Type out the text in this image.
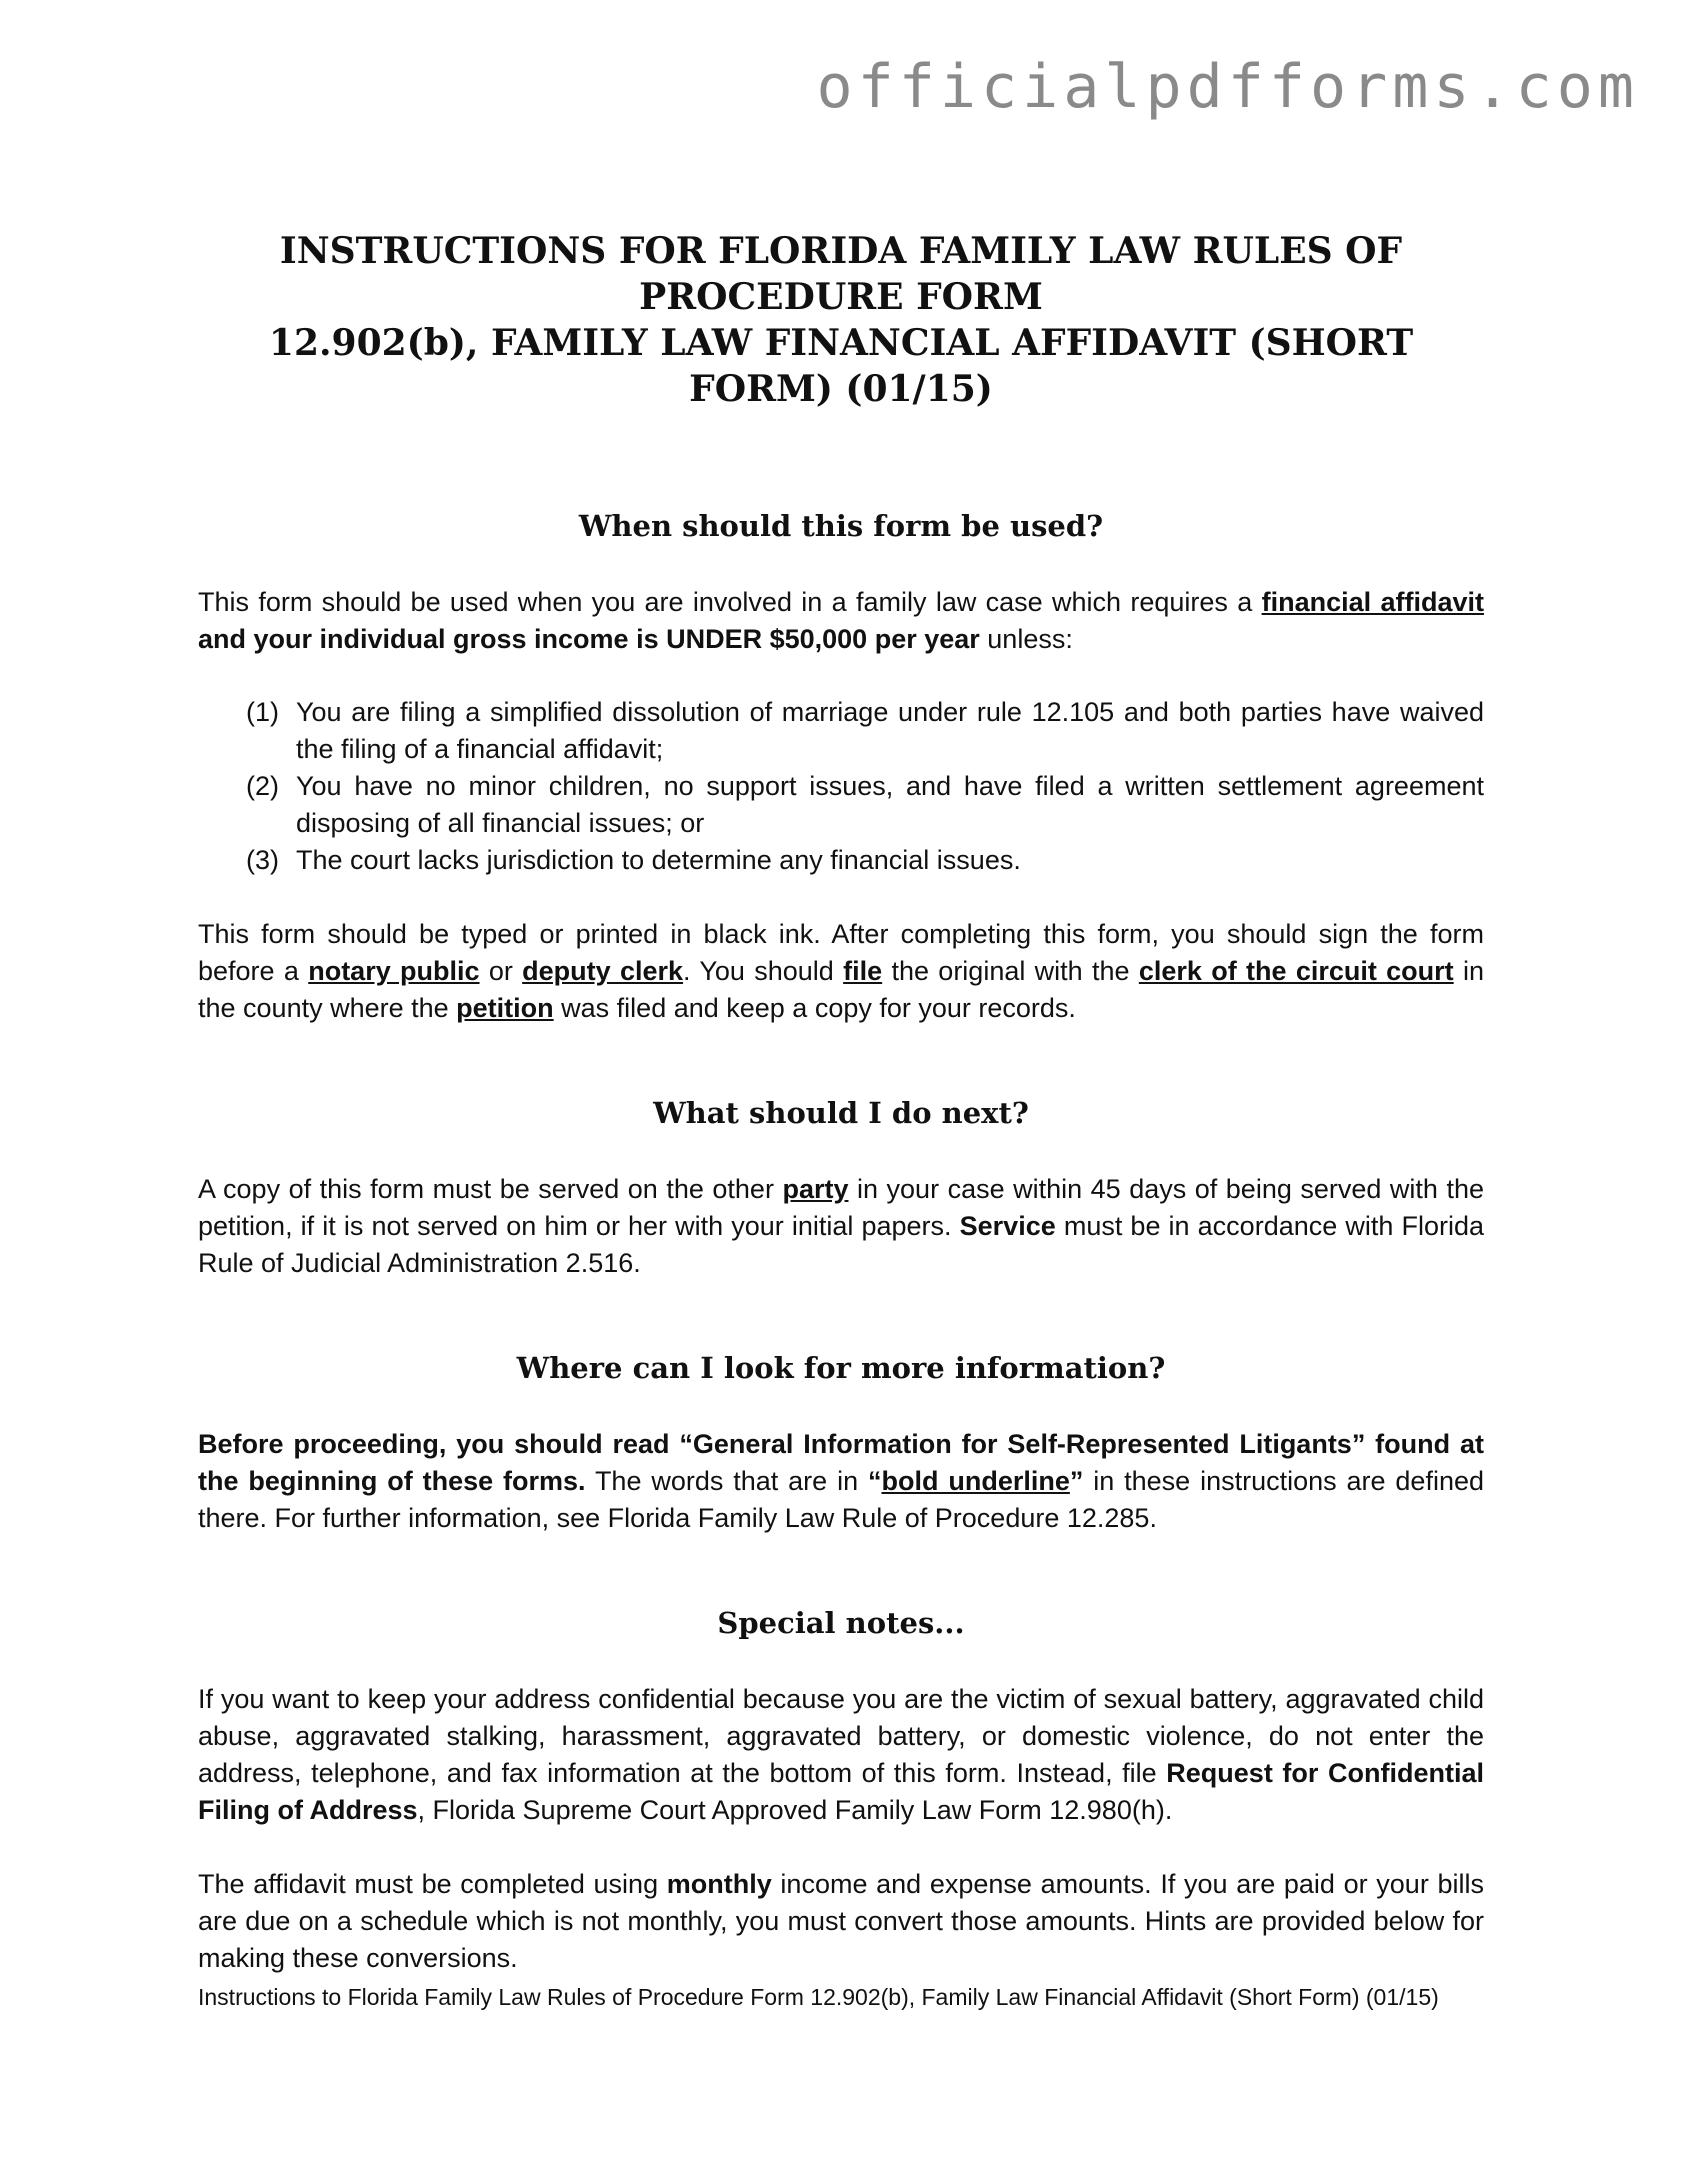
officialpdfforms.com
INSTRUCTIONS FOR FLORIDA FAMILY LAW RULES OF PROCEDURE FORM
12.902(b), FAMILY LAW FINANCIAL AFFIDAVIT (SHORT FORM) (01/15)
When should this form be used?

This form should be used when you are involved in a family law case which requires a financial affidavit and your individual gross income is UNDER $50,000 per year unless:

(1) You are filing a simplified dissolution of marriage under rule 12.105 and both parties have waived the filing of a financial affidavit;
(2) You have no minor children, no support issues, and have filed a written settlement agreement disposing of all financial issues; or
(3) The court lacks jurisdiction to determine any financial issues.

This form should be typed or printed in black ink. After completing this form, you should sign the form before a notary public or deputy clerk. You should file the original with the clerk of the circuit court in the county where the petition was filed and keep a copy for your records.

What should I do next?

A copy of this form must be served on the other party in your case within 45 days of being served with the petition, if it is not served on him or her with your initial papers. Service must be in accordance with Florida Rule of Judicial Administration 2.516.

Where can I look for more information?

Before proceeding, you should read “General Information for Self-Represented Litigants” found at the beginning of these forms. The words that are in “bold underline” in these instructions are defined there. For further information, see Florida Family Law Rule of Procedure 12.285.

Special notes...

If you want to keep your address confidential because you are the victim of sexual battery, aggravated child abuse, aggravated stalking, harassment, aggravated battery, or domestic violence, do not enter the address, telephone, and fax information at the bottom of this form. Instead, file Request for Confidential Filing of Address, Florida Supreme Court Approved Family Law Form 12.980(h).

The affidavit must be completed using monthly income and expense amounts. If you are paid or your bills are due on a schedule which is not monthly, you must convert those amounts. Hints are provided below for making these conversions.

Instructions to Florida Family Law Rules of Procedure Form 12.902(b), Family Law Financial Affidavit (Short Form) (01/15)
